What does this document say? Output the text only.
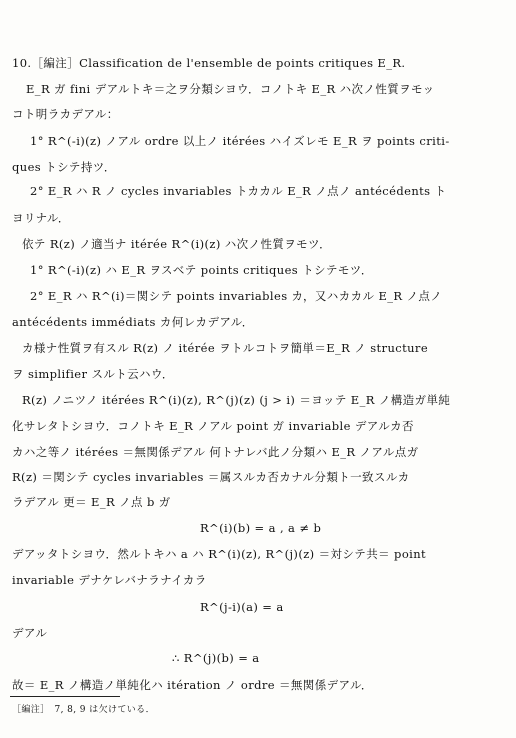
10.［編注］Classification de l'ensemble de points critiques E_R.
E_R ガ fini デアルトキ＝之ヲ分類シヨウ．コノトキ E_R ハ次ノ性質ヲモッ
コト明ラカデアル：
1° R^(-i)(z) ノアル ordre 以上ノ itérées ハイズレモ E_R ヲ points criti-
ques トシテ持ツ．
2° E_R ハ R ノ cycles invariables トカカル E_R ノ点ノ antécédents ト
ヨリナル．
依テ R(z) ノ適当ナ itérée R^(i)(z) ハ次ノ性質ヲモツ．
1° R^(-i)(z) ハ E_R ヲスベテ points critiques トシテモツ．
2° E_R ハ R^(i)＝関シテ points invariables カ，又ハカカル E_R ノ点ノ
antécédents immédiats カ何レカデアル．
カ様ナ性質ヲ有スル R(z) ノ itérée ヲトルコトヲ簡単＝E_R ノ structure
ヲ simplifier スルト云ハウ．
R(z) ノニツノ itérées R^(i)(z), R^(j)(z) (j > i) ＝ヨッテ E_R ノ構造ガ単純
化サレタトシヨウ．コノトキ E_R ノアル point ガ invariable デアルカ否
カハ之等ノ itérées ＝無関係デアル 何トナレバ此ノ分類ハ E_R ノアル点ガ
R(z) ＝関シテ cycles invariables ＝属スルカ否カナル分類ト一致スルカ
ラデアル 更＝ E_R ノ点 b ガ
R^(i)(b) = a , a ≠ b
デアッタトシヨウ．然ルトキハ a ハ R^(i)(z), R^(j)(z) ＝対シテ共＝ point
invariable デナケレバナラナイカラ
R^(j-i)(a) = a
デアル
∴ R^(j)(b) = a
故＝ E_R ノ構造ノ単純化ハ itération ノ ordre ＝無関係デアル．
［編注］　7, 8, 9 は欠けている．
